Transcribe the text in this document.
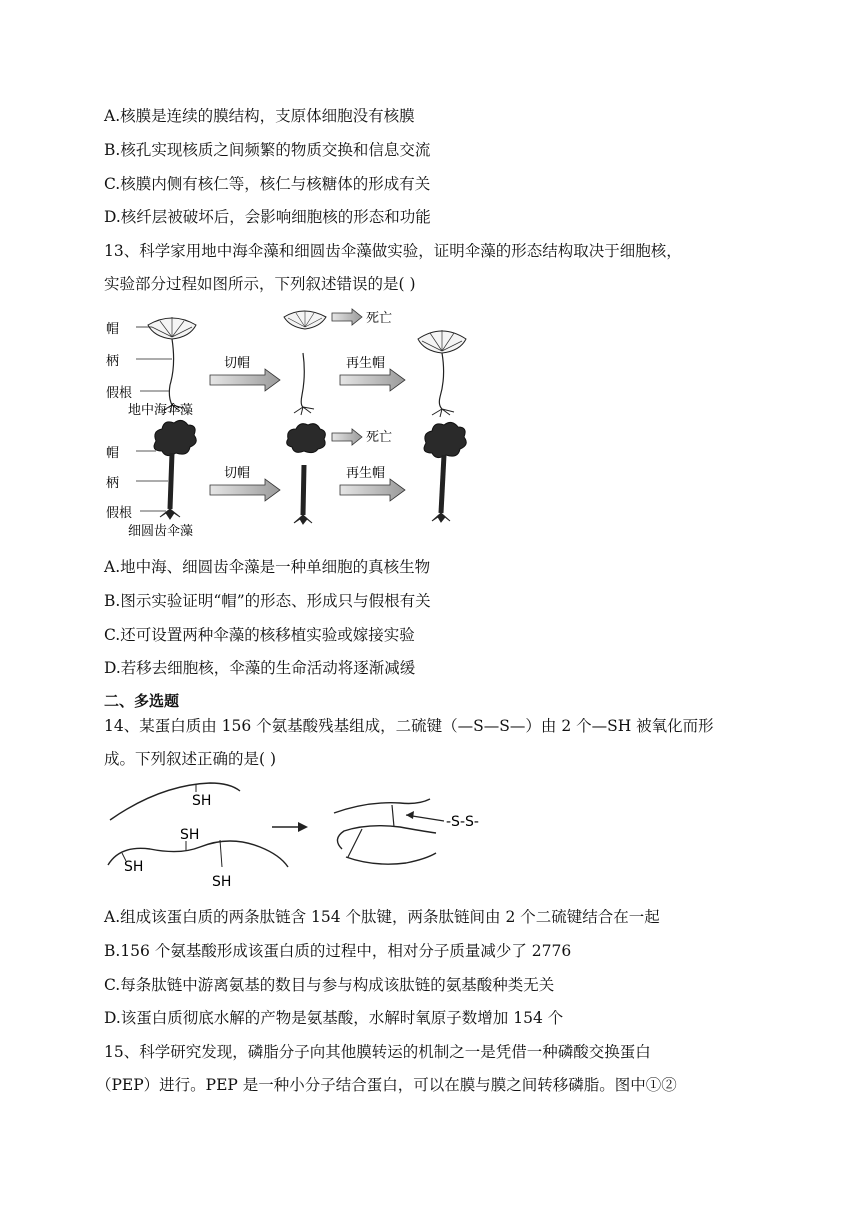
A.核膜是连续的膜结构，支原体细胞没有核膜
B.核孔实现核质之间频繁的物质交换和信息交流
C.核膜内侧有核仁等，核仁与核糖体的形成有关
D.核纤层被破坏后，会影响细胞核的形态和功能
13、科学家用地中海伞藻和细圆齿伞藻做实验，证明伞藻的形态结构取决于细胞核，
实验部分过程如图所示，下列叙述错误的是( )
帽
柄
假根
地中海伞藻
切帽
死亡
再生帽
帽
柄
假根
细圆齿伞藻
切帽
死亡
再生帽
A.地中海、细圆齿伞藻是一种单细胞的真核生物
B.图示实验证明“帽”的形态、形成只与假根有关
C.还可设置两种伞藻的核移植实验或嫁接实验
D.若移去细胞核，伞藻的生命活动将逐渐减缓
二、多选题
14、某蛋白质由 156 个氨基酸残基组成，二硫键（—S—S—）由 2 个—SH 被氧化而形
成。下列叙述正确的是( )
SH
SH
SH
SH
-S-S-
A.组成该蛋白质的两条肽链含 154 个肽键，两条肽链间由 2 个二硫键结合在一起
B.156 个氨基酸形成该蛋白质的过程中，相对分子质量减少了 2776
C.每条肽链中游离氨基的数目与参与构成该肽链的氨基酸种类无关
D.该蛋白质彻底水解的产物是氨基酸，水解时氧原子数增加 154 个
15、科学研究发现，磷脂分子向其他膜转运的机制之一是凭借一种磷酸交换蛋白
（PEP）进行。PEP 是一种小分子结合蛋白，可以在膜与膜之间转移磷脂。图中①②
